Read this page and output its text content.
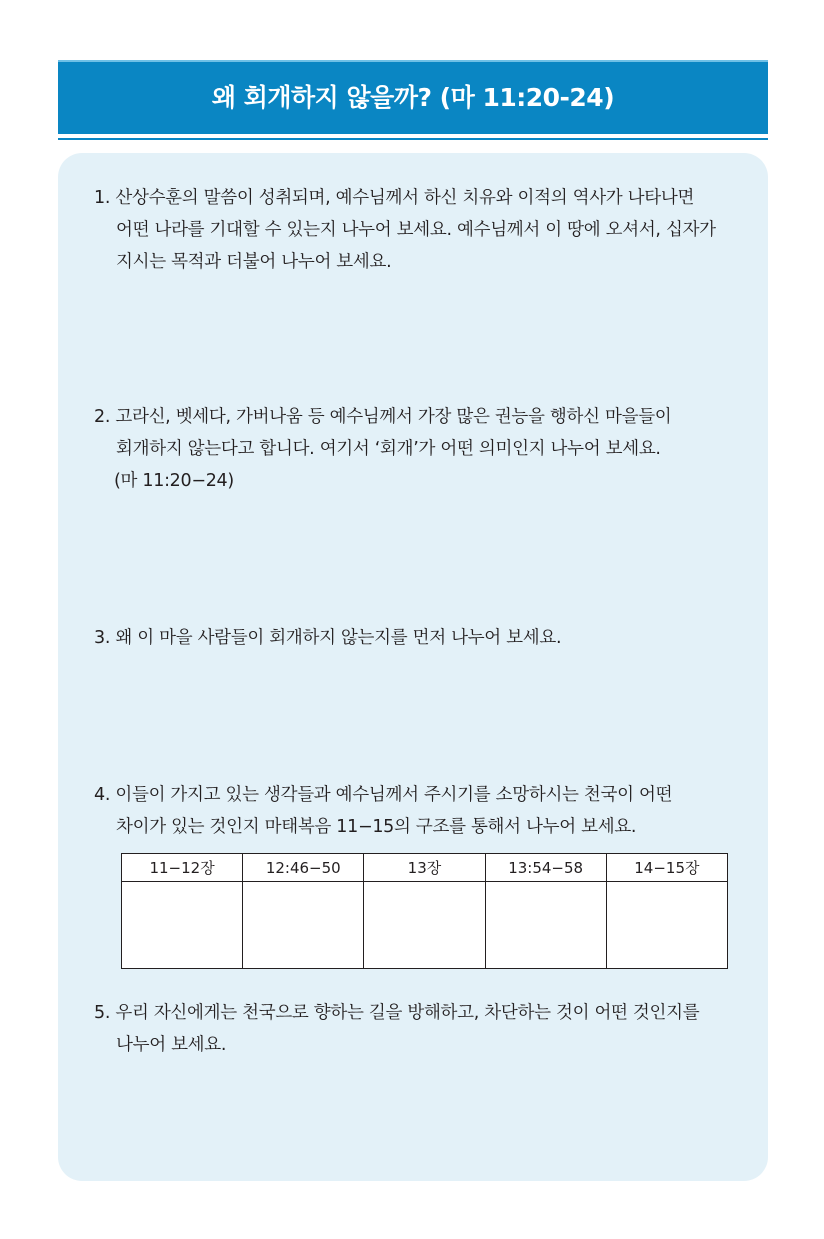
왜 회개하지 않을까? (마 11:20-24)
1. 산상수훈의 말씀이 성취되며, 예수님께서 하신 치유와 이적의 역사가 나타나면
어떤 나라를 기대할 수 있는지 나누어 보세요. 예수님께서 이 땅에 오셔서, 십자가
지시는 목적과 더불어 나누어 보세요.
2. 고라신, 벳세다, 가버나움 등 예수님께서 가장 많은 권능을 행하신 마을들이
회개하지 않는다고 합니다. 여기서 ‘회개’가 어떤 의미인지 나누어 보세요.
(마 11:20−24)
3. 왜 이 마을 사람들이 회개하지 않는지를 먼저 나누어 보세요.
4. 이들이 가지고 있는 생각들과 예수님께서 주시기를 소망하시는 천국이 어떤
차이가 있는 것인지 마태복음 11−15의 구조를 통해서 나누어 보세요.
11−12장	12:46−50	13장	13:54−58	14−15장

5. 우리 자신에게는 천국으로 향하는 길을 방해하고, 차단하는 것이 어떤 것인지를
나누어 보세요.
